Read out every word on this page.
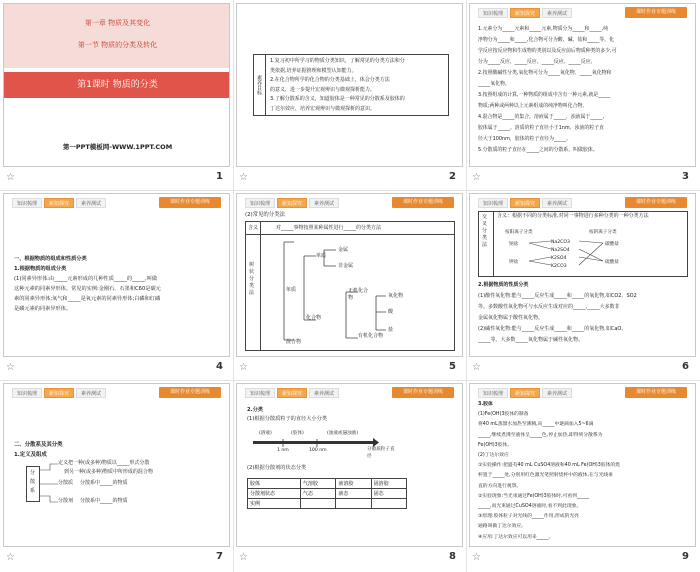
第一章 物质及其变化
第一节 物质的分类及转化
第1课时 物质的分类
第一PPT模板网-WWW.1PPT.COM
☆	1
素养目标
1.复习初中所学习的物质分类知识，了解常见的分类方法和分
类依据,培养证据推理和模型认知能力。
2.在化合物所学的化合物的分类基础上，体会分类方法
的意义，进一步提升宏观辨识与微观探析能力。
3.了解分散系的含义，知道胶体是一种常见的分散系及胶体的
丁达尔效应，培养宏观辨识与微观探析的意识。
☆	2
知识梳理	新知探究	素养测试	课时作业专题训练
1.元素分为_____元素和_____元素,物质分为_____和_____,纯
净物分为_____和_____,化合物可分为酸、碱、盐和_____等。化
学反应按反应物和生成物的类别以及反应前后物质种类的多少,可
分为_____反应、_____反应、_____反应、_____反应。
2.按照酸碱性分类,氧化物可分为_____氧化物、_____氧化物和
_____氧化物。
3.按照组成的计算,一种物质的组成中含有一种元素,就是_____
物质;两种或两种以上元素组成的纯净物叫化合物。
4.混合物是_____的集合。溶液属于_____，浊液属于_____,
胶体属于_____。溶质的粒子直径小于1nm，浊液的粒子直
径大于100nm，胶体的粒子直径为_____。
5.分散质的粒子直径在_____之间的分散系，叫做胶体。
☆	3
知识梳理	新知探究	素养测试	课时作业专题训练
一、根据物质的组成和性质分类
1.根据物质的组成分类
(1)同素异形体:由_____元素形成的几种性质_____的_____,叫做
这种元素的同素异形体。常见的实例:金刚石、石墨和C60是碳元
素的同素异形体;氧气和_____是氧元素的同素异形体;白磷和红磷
是磷元素的同素异形体。
☆	4
知识梳理	新知探究	素养测试	课时作业专题训练
(2)常见的分类法
含义	对_____事物按照某种属性进行_____的分类方法
树状分类法	单质
单质
金属
非金属
化合物
无机化合物
有机化合物
氧化物
酸
盐
混合物
☆	5
知识梳理	新知探究	素养测试	课时作业专题训练
交叉分类法
含义：根据不同的分类标准,对同一事物进行多种分类的一种分类方法
按阳离子分类	按阴离子分类
Na2CO3
Na2SO4
K2SO4
K2CO3
钠盐
钾盐
碳酸盐
硫酸盐
2.根据物质的性质分类
(1)酸性氧化物:能与_____反应生成_____和_____的氧化物,如CO2、SO2
等。多数酸性氧化物可与水反应生成对应的_____,_____大多数非
金属氧化物属于酸性氧化物。
(2)碱性氧化物:能与_____反应生成_____和_____的氧化物,如CaO、
_____等。大多数_____氧化物属于碱性氧化物。
☆	6
知识梳理	新知探究	素养测试	课时作业专题训练
二、分散系及其分类
1.定义及组成
分散系
定义 把一种(或多种)物质以_____形式分散
到另一种(或多种)物质中所形成的混合物
分散质 分散系中_____的物质
分散剂 分散系中_____的物质
☆	7
知识梳理	新知探究	素养测试	课时作业专题训练
2.分类
(1)根据分散质粒子的直径大小分类
(溶液)	(胶体)	(浊液或悬浊液)
1 nm	100 nm	分散质粒子直径
(2)根据分散剂的状态分类
胶体	气溶胶	液溶胶	固溶胶
分散剂状态	气态	液态	固态
实例			
☆	8
知识梳理	新知探究	素养测试	课时作业专题训练
3.胶体
(1)Fe(OH)3胶体的制备
将40 mL蒸馏水加热至沸腾,向_____中逐滴加入5~6滴
_____,继续煮沸至液体呈_____色,停止加热,即得到分散系为
Fe(OH)3胶体。
(2)丁达尔效应
①实验操作:把盛有40 mL CuSO4溶液和40 mL Fe(OH)3胶体的烧
杯置于_____处,分别用红色激光笔照射烧杯中的液体,在与光线垂
直的方向进行观察。
②实验现象:当光束通过Fe(OH)3胶体时,可看到_____
_____,而光束通过CuSO4溶液时,看不到此现象。
③原理:胶体粒子对光线的_____作用,形成的光亮
通路叫做丁达尔效应。
④应用:丁达尔效应可以用来_____。
☆	9
